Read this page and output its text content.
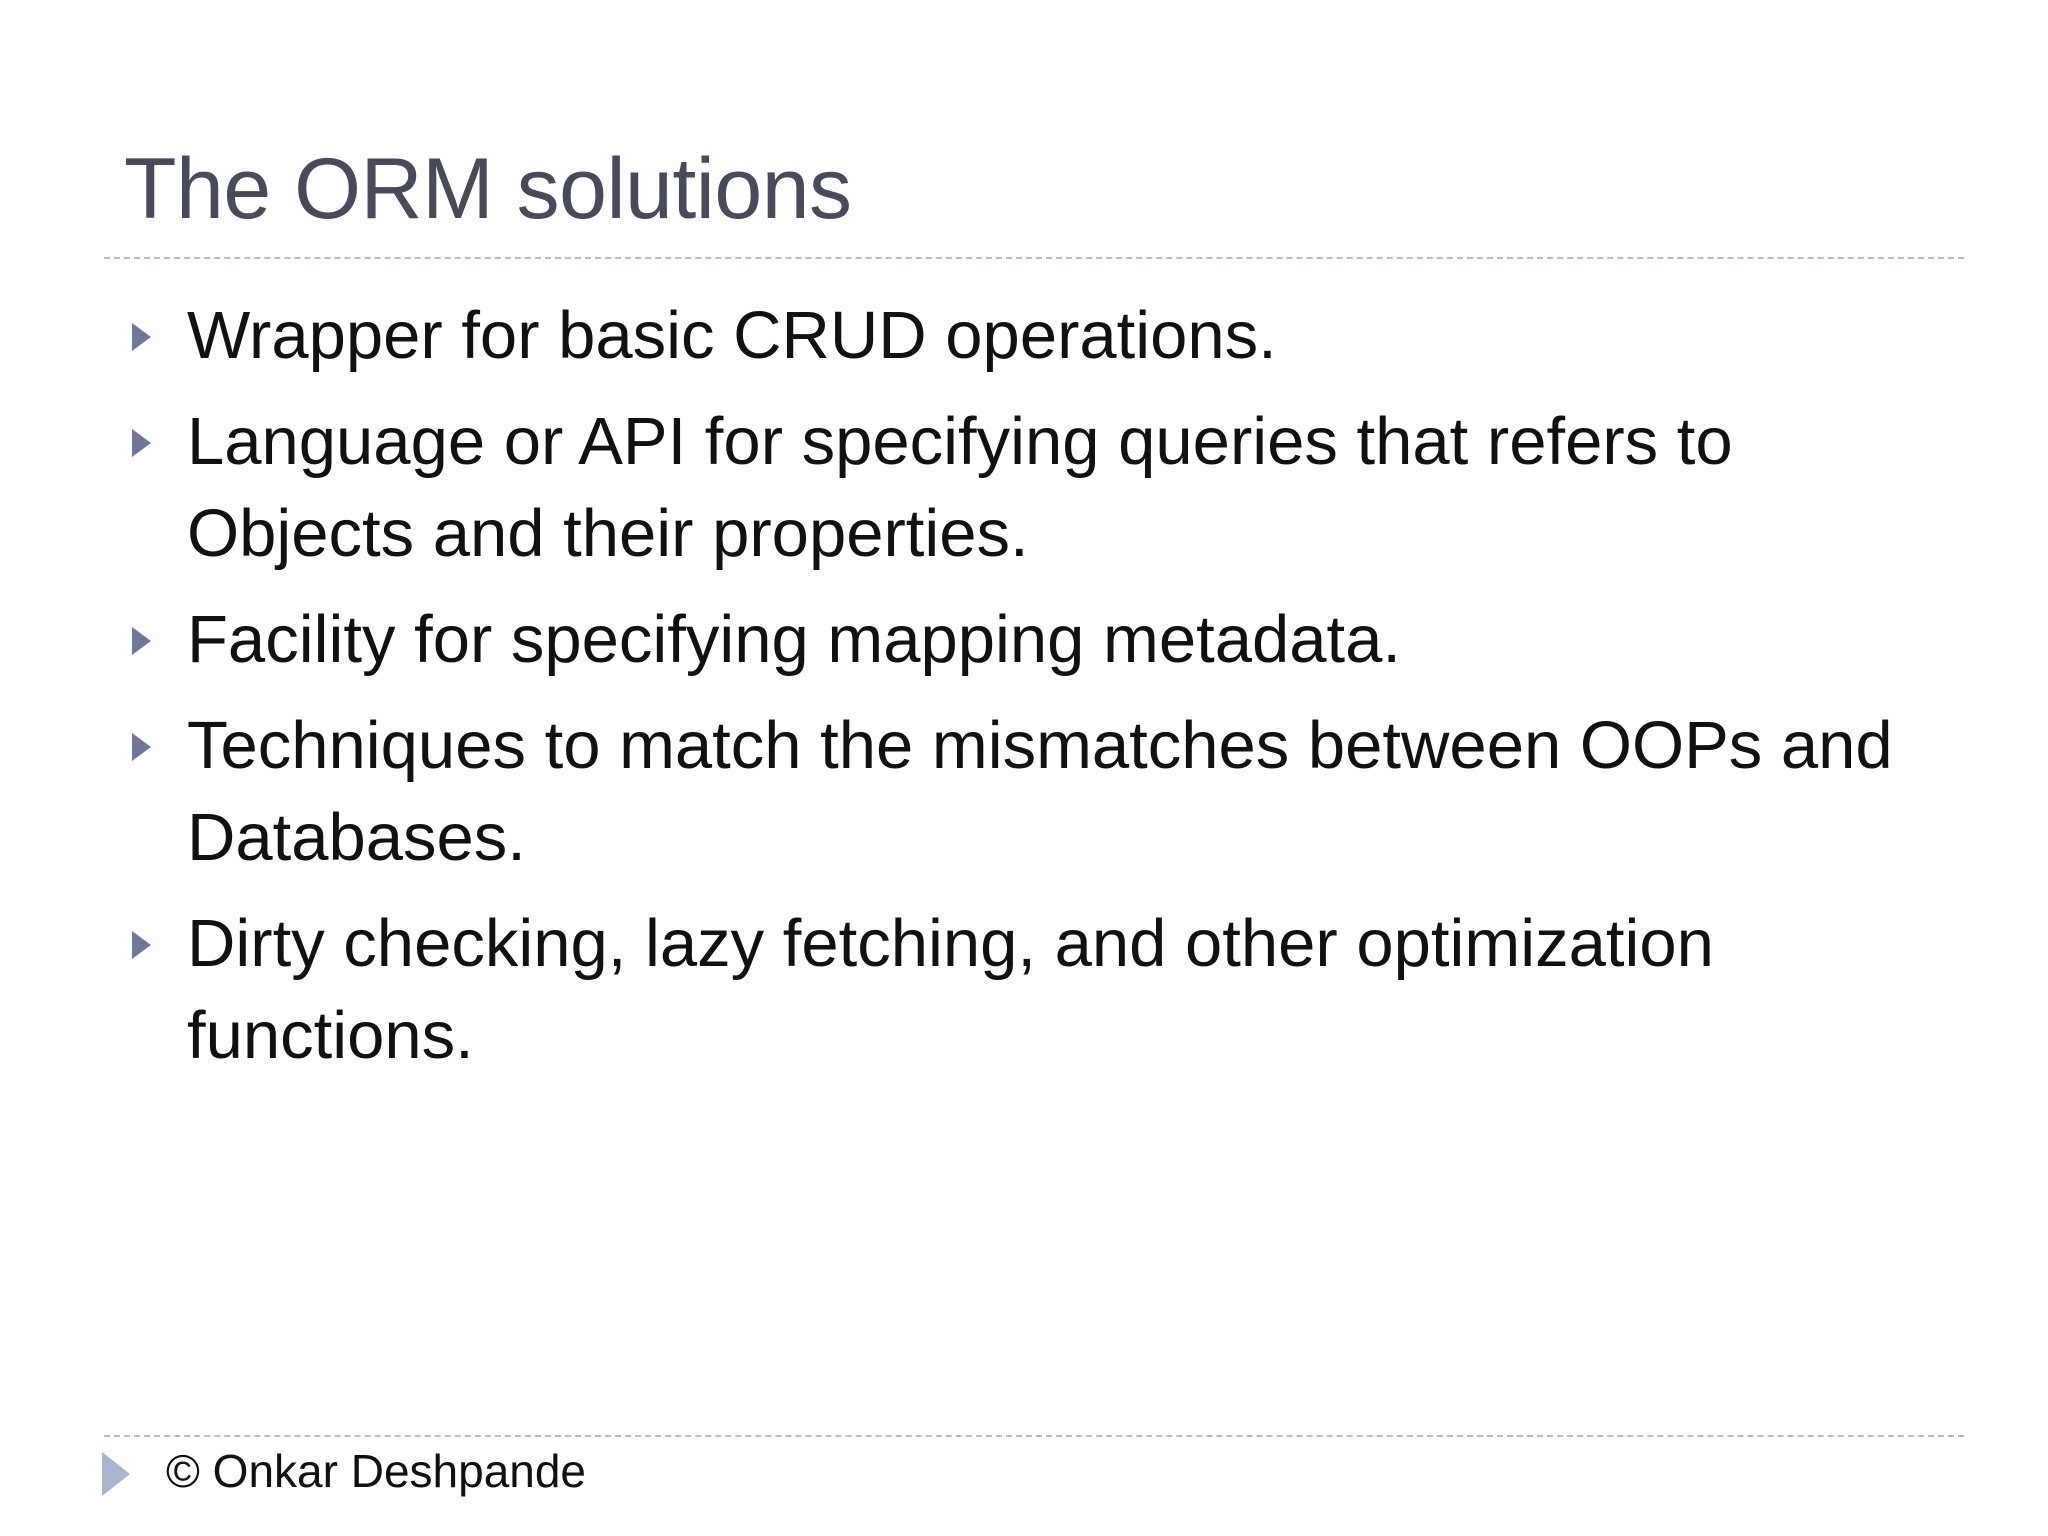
The ORM solutions
Wrapper for basic CRUD operations.
Language or API for specifying queries that refers to Objects and their properties.
Facility for specifying mapping metadata.
Techniques to match the mismatches between OOPs and Databases.
Dirty checking, lazy fetching, and other optimization functions.
© Onkar Deshpande
